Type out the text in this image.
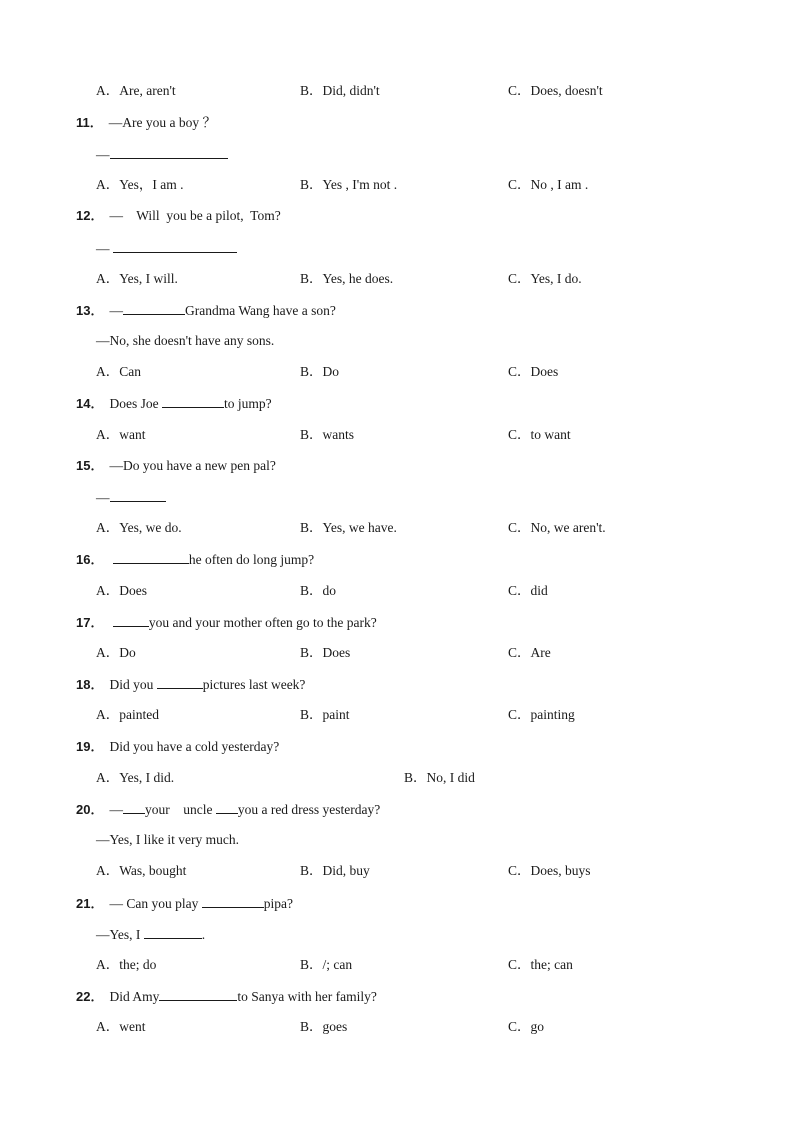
A．Are, aren't	B．Did, didn't	C．Does, doesn't
11． —Are you a boy ？
—
A．Yes，I am .	B．Yes , I'm not .	C．No , I am .
12． —    Will  you be a pilot,  Tom?
—
A．Yes, I will.	B．Yes, he does.	C．Yes, I do.
13． —	Grandma Wang have a son?
—No, she doesn't have any sons.
A．Can	B．Do	C．Does
14． Does Joe	to jump?
A．want	B．wants	C．to want
15． —Do you have a new pen pal?
—
A．Yes, we do.	B．Yes, we have.	C．No, we aren't.
16．	he often do long jump?
A．Does	B．do	C．did
17．	you and your mother often go to the park?
A．Do	B．Does	C．Are
18． Did you	pictures last week?
A．painted	B．paint	C．painting
19． Did you have a cold yesterday?
A．Yes, I did.	B．No, I did
20． — your    uncle you a red dress yesterday?
—Yes, I like it very much.
A．Was, bought	B．Did, buy	C．Does, buys
21． — Can you play	pipa?
—Yes, I	.
A．the; do	B．/; can	C．the; can
22． Did Amy	to Sanya with her family?
A．went	B．goes	C．go
